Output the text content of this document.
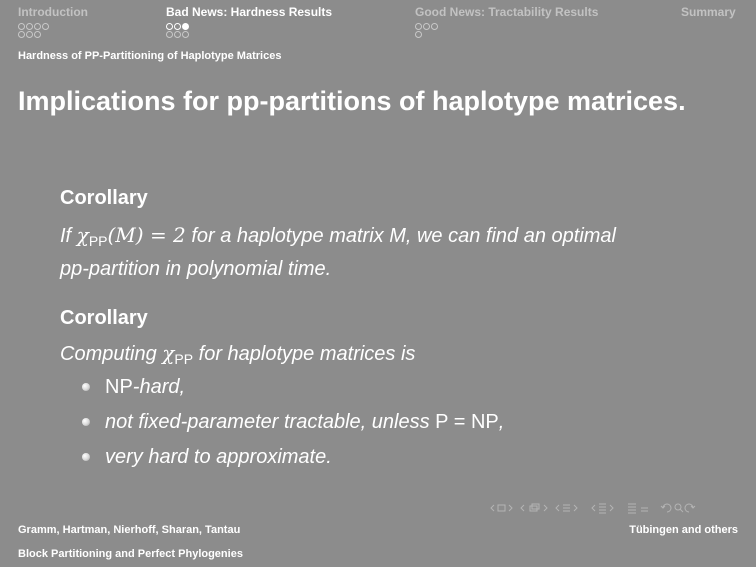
Introduction	Bad News: Hardness Results	Good News: Tractability Results	Summary
Hardness of PP-Partitioning of Haplotype Matrices
Implications for pp-partitions of haplotype matrices.
Corollary
If $\chi_{PP}(M) = 2$ for a haplotype matrix M, we can find an optimal
pp-partition in polynomial time.
Corollary
Computing $\chi_{PP}$ for haplotype matrices is
NP-hard,
not fixed-parameter tractable, unless P = NP,
very hard to approximate.
Gramm, Hartman, Nierhoff, Sharan, Tantau	Tübingen and others
Block Partitioning and Perfect Phylogenies
